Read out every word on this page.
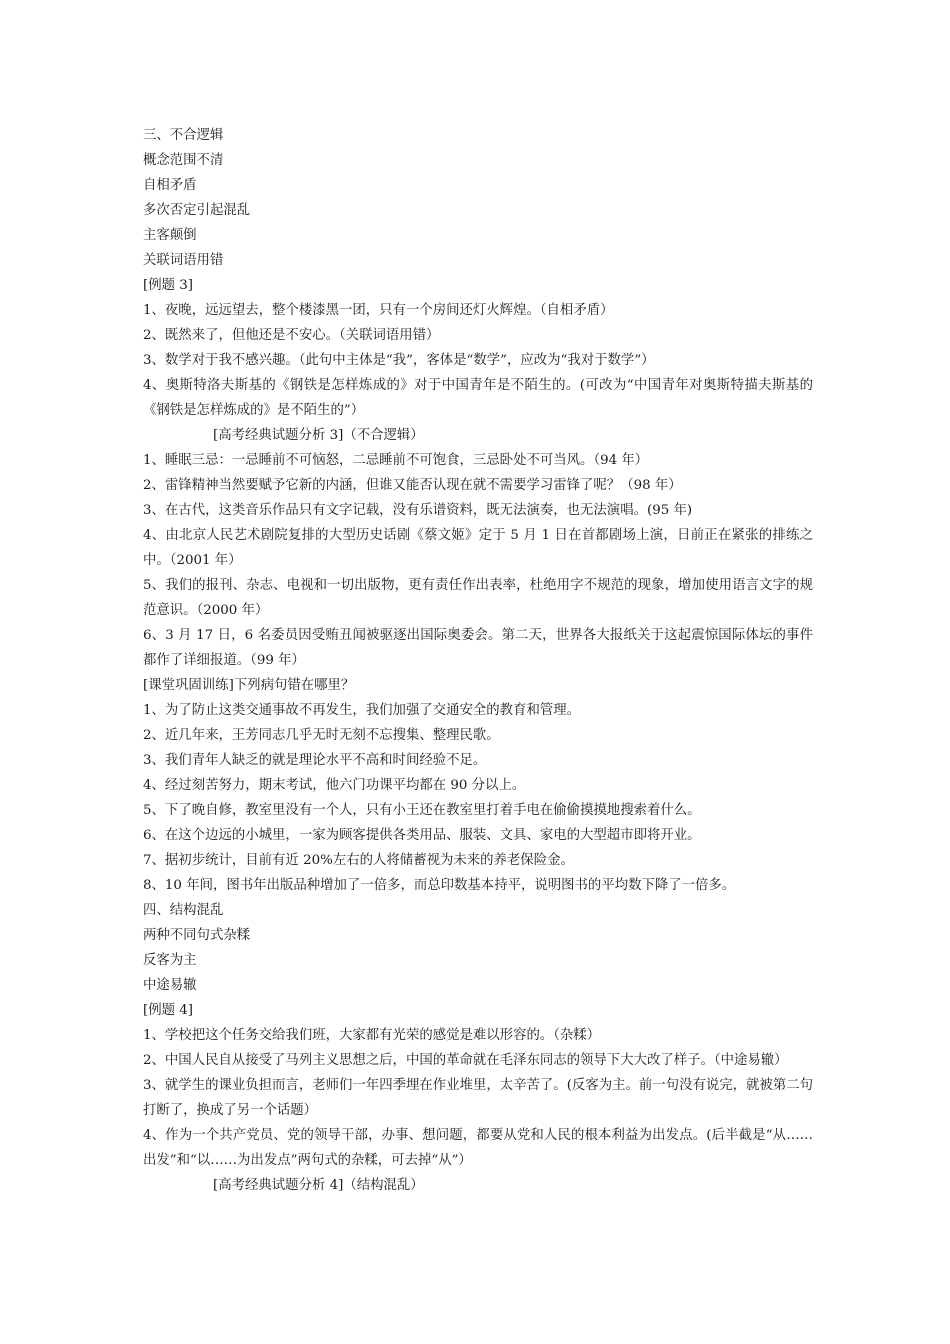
三、不合逻辑

概念范围不清

自相矛盾

多次否定引起混乱

主客颠倒

关联词语用错

[例题 3]

1、夜晚，远远望去，整个楼漆黑一团，只有一个房间还灯火辉煌。（自相矛盾）

2、既然来了，但他还是不安心。（关联词语用错）

3、数学对于我不感兴趣。（此句中主体是“我”，客体是“数学”，应改为“我对于数学”）

4、奥斯特洛夫斯基的《钢铁是怎样炼成的》对于中国青年是不陌生的。(可改为“中国青年对奥斯特描夫斯基的《钢铁是怎样炼成的》是不陌生的”）

[高考经典试题分析 3]（不合逻辑）

1、睡眠三忌：一忌睡前不可恼怒，二忌睡前不可饱食，三忌卧处不可当风。（94 年）

2、雷锋精神当然要赋予它新的内涵，但谁又能否认现在就不需要学习雷锋了呢？（98 年）

3、在古代，这类音乐作品只有文字记载，没有乐谱资料，既无法演奏，也无法演唱。(95 年)

4、由北京人民艺术剧院复排的大型历史话剧《蔡文姬》定于 5 月 1 日在首都剧场上演，日前正在紧张的排练之中。（2001 年）

5、我们的报刊、杂志、电视和一切出版物，更有责任作出表率，杜绝用字不规范的现象，增加使用语言文字的规范意识。（2000 年）

6、3 月 17 日，6 名委员因受贿丑闻被驱逐出国际奥委会。第二天，世界各大报纸关于这起震惊国际体坛的事件都作了详细报道。（99 年）

[课堂巩固训练]下列病句错在哪里？

1、为了防止这类交通事故不再发生，我们加强了交通安全的教育和管理。

2、近几年来，王芳同志几乎无时无刻不忘搜集、整理民歌。

3、我们青年人缺乏的就是理论水平不高和时间经验不足。

4、经过刻苦努力，期末考试，他六门功课平均都在 90 分以上。

5、下了晚自修，教室里没有一个人，只有小王还在教室里打着手电在偷偷摸摸地搜索着什么。

6、在这个边远的小城里，一家为顾客提供各类用品、服装、文具、家电的大型超市即将开业。

7、据初步统计，目前有近 20%左右的人将储蓄视为未来的养老保险金。

8、10 年间，图书年出版品种增加了一倍多，而总印数基本持平，说明图书的平均数下降了一倍多。

四、结构混乱

两种不同句式杂糅

反客为主

中途易辙

[例题 4]

1、学校把这个任务交给我们班，大家都有光荣的感觉是难以形容的。（杂糅）

2、中国人民自从接受了马列主义思想之后，中国的革命就在毛泽东同志的领导下大大改了样子。（中途易辙）

3、就学生的课业负担而言，老师们一年四季埋在作业堆里，太辛苦了。(反客为主。前一句没有说完，就被第二句打断了，换成了另一个话题）

4、作为一个共产党员、党的领导干部，办事、想问题，都要从党和人民的根本利益为出发点。(后半截是“从……出发”和“以……为出发点”两句式的杂糅，可去掉“从”）

[高考经典试题分析 4]（结构混乱）
